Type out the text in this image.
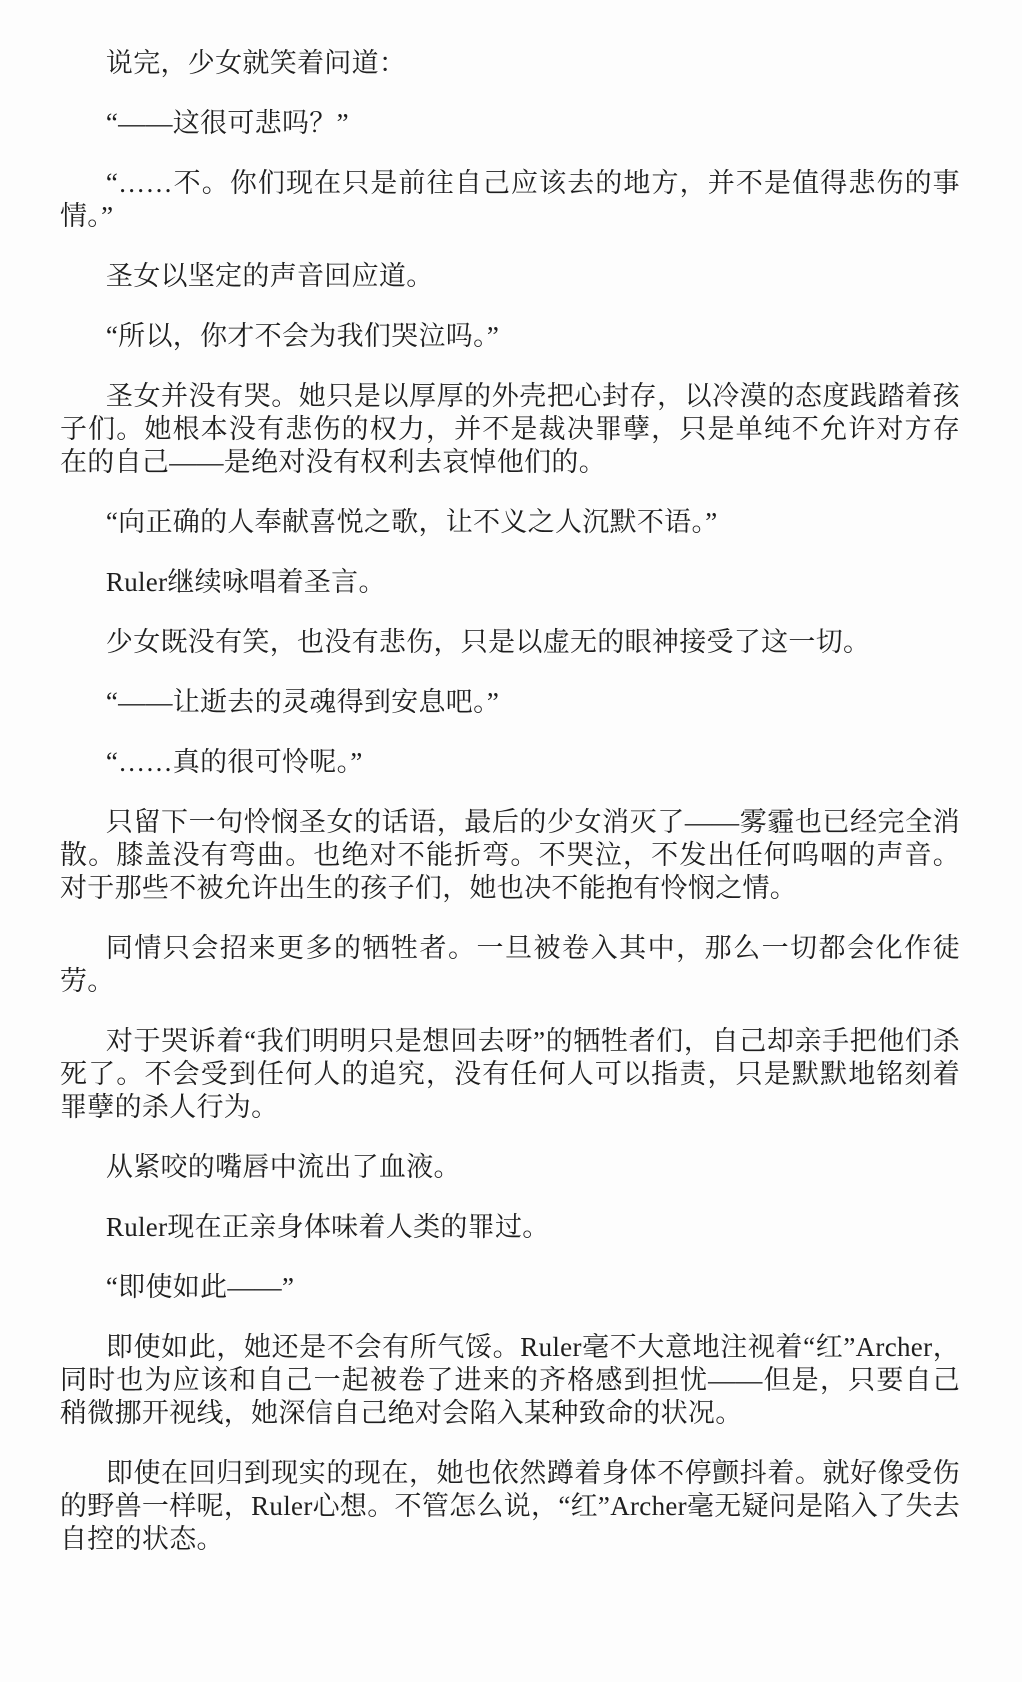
说完，少女就笑着问道：

“——这很可悲吗？”

“……不。你们现在只是前往自己应该去的地方，并不是值得悲伤的事情。”

圣女以坚定的声音回应道。

“所以，你才不会为我们哭泣吗。”

圣女并没有哭。她只是以厚厚的外壳把心封存，以冷漠的态度践踏着孩子们。她根本没有悲伤的权力，并不是裁决罪孽，只是单纯不允许对方存在的自己——是绝对没有权利去哀悼他们的。

“向正确的人奉献喜悦之歌，让不义之人沉默不语。”

Ruler继续咏唱着圣言。

少女既没有笑，也没有悲伤，只是以虚无的眼神接受了这一切。

“——让逝去的灵魂得到安息吧。”

“……真的很可怜呢。”

只留下一句怜悯圣女的话语，最后的少女消灭了——雾霾也已经完全消散。膝盖没有弯曲。也绝对不能折弯。不哭泣，不发出任何呜咽的声音。对于那些不被允许出生的孩子们，她也决不能抱有怜悯之情。

同情只会招来更多的牺牲者。一旦被卷入其中，那么一切都会化作徒劳。

对于哭诉着“我们明明只是想回去呀”的牺牲者们，自己却亲手把他们杀死了。不会受到任何人的追究，没有任何人可以指责，只是默默地铭刻着罪孽的杀人行为。

从紧咬的嘴唇中流出了血液。

Ruler现在正亲身体味着人类的罪过。

“即使如此——”

即使如此，她还是不会有所气馁。Ruler毫不大意地注视着“红”Archer，同时也为应该和自己一起被卷了进来的齐格感到担忧——但是，只要自己稍微挪开视线，她深信自己绝对会陷入某种致命的状况。

即使在回归到现实的现在，她也依然蹲着身体不停颤抖着。就好像受伤的野兽一样呢，Ruler心想。不管怎么说，“红”Archer毫无疑问是陷入了失去自控的状态。
